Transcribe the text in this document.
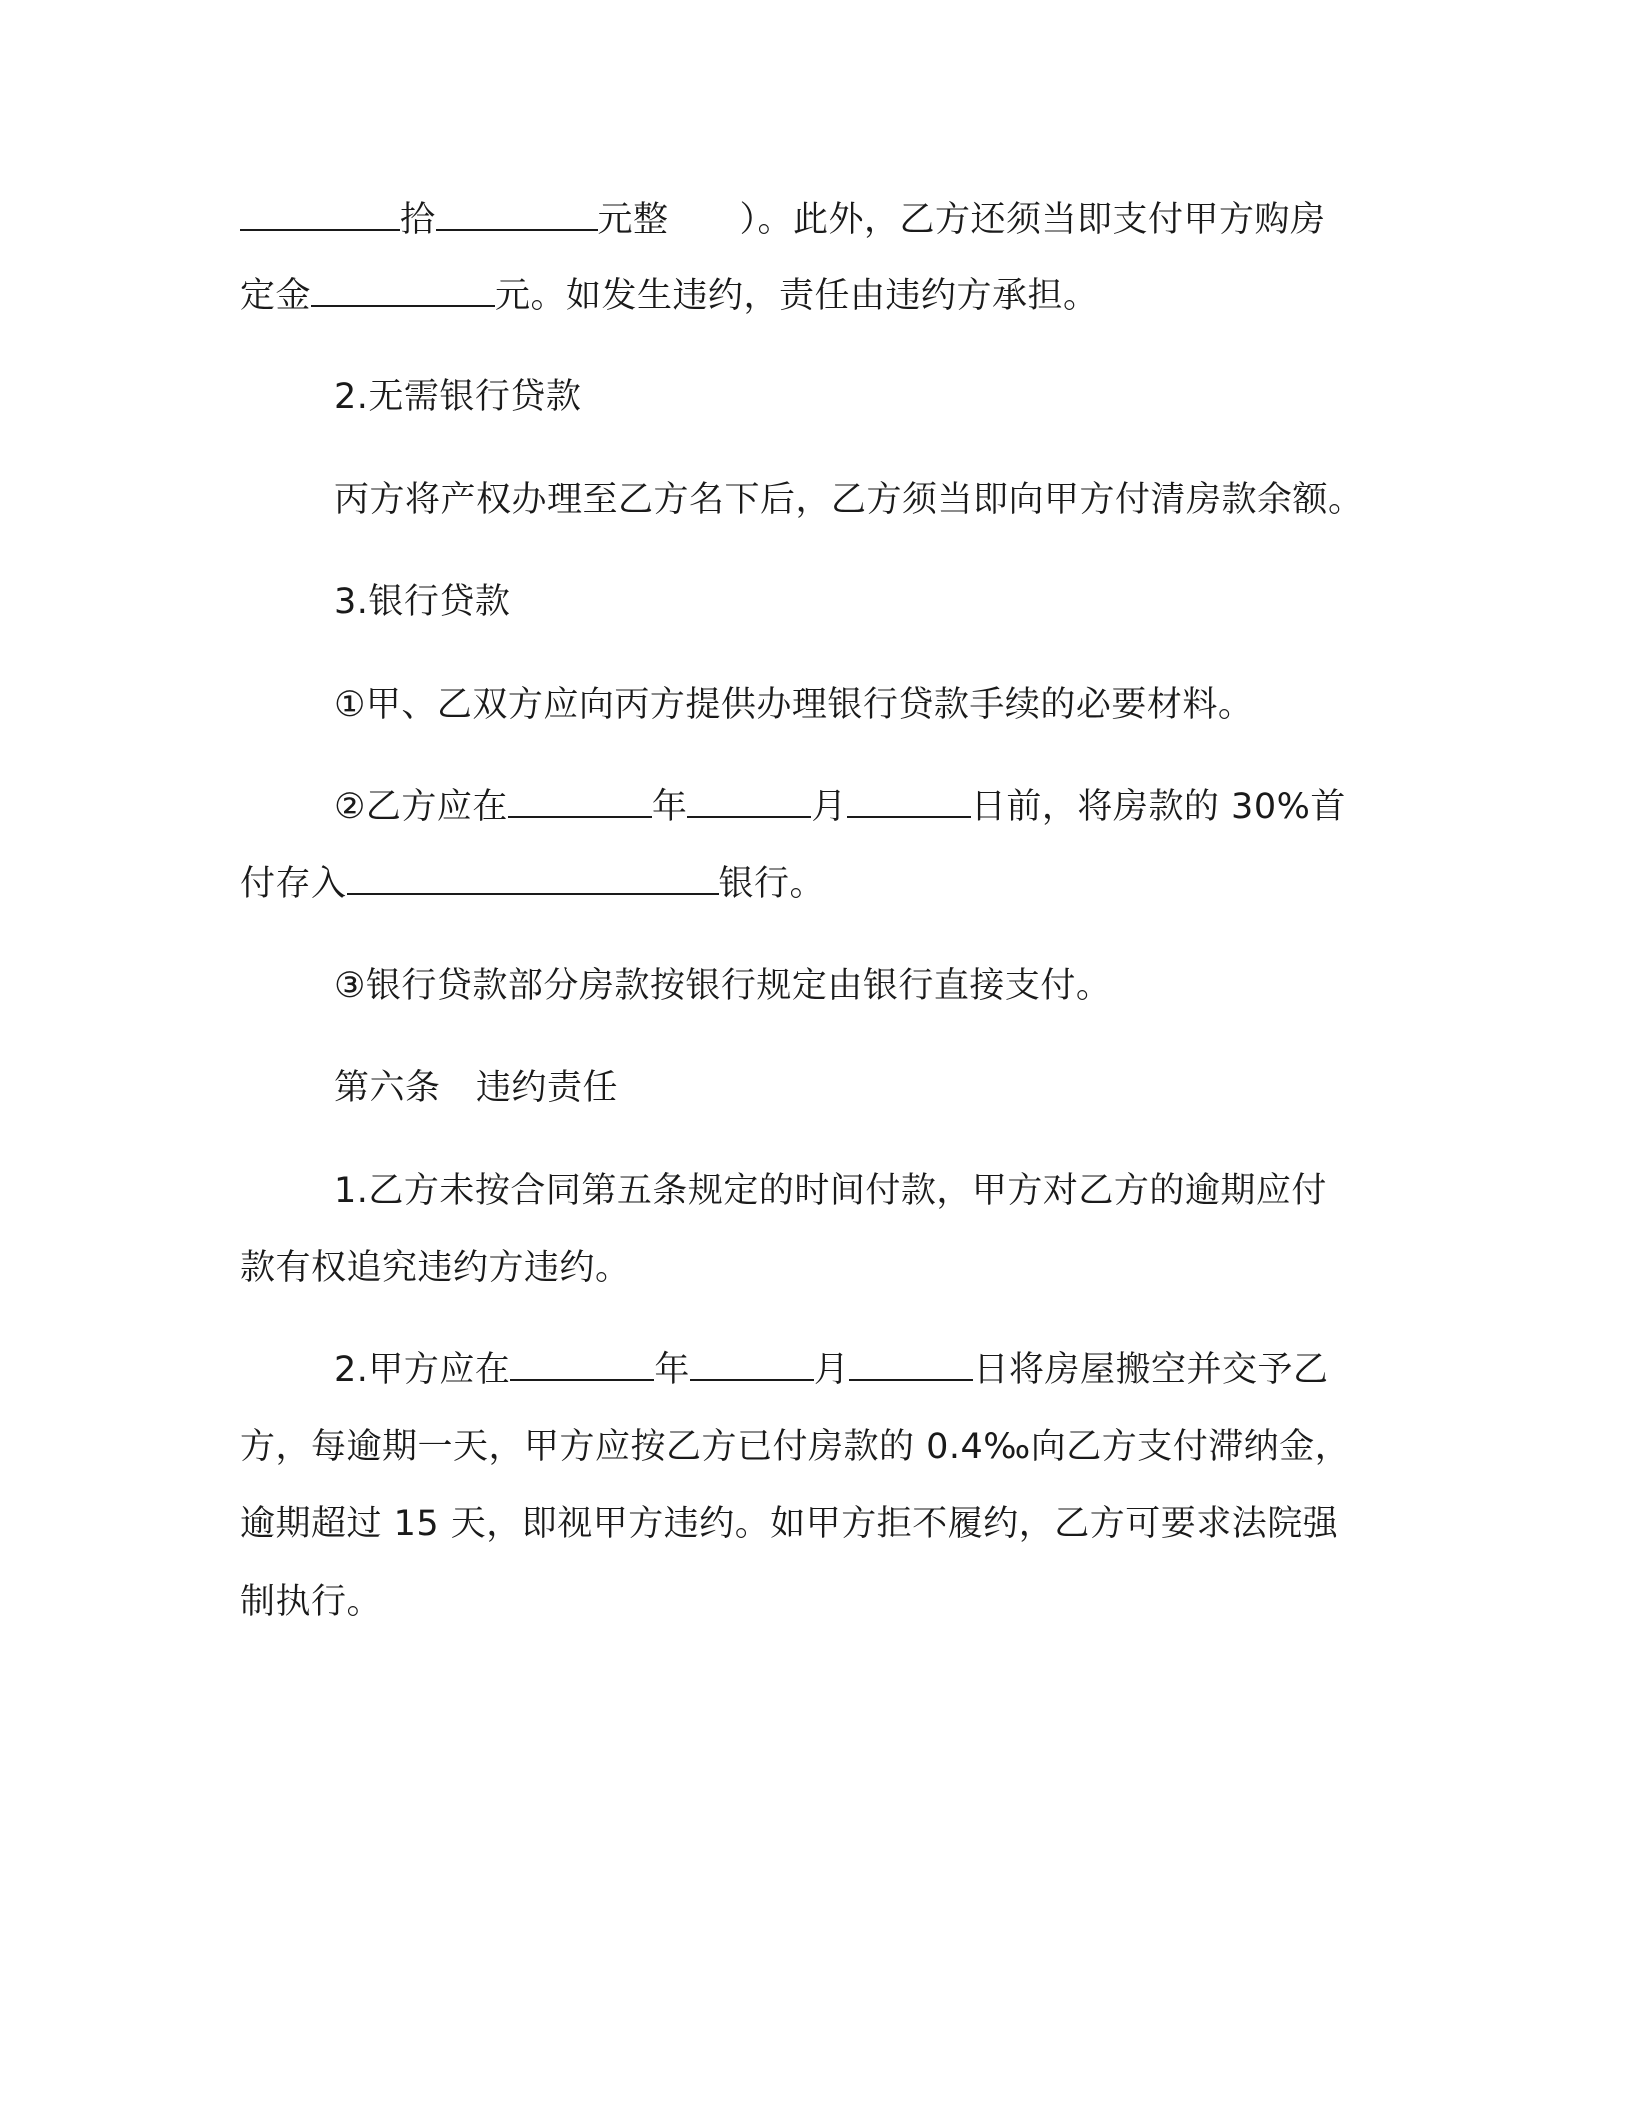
拾	元整　　）。此外，乙方还须当即支付甲方购房
定金	元。如发生违约，责任由违约方承担。
2.无需银行贷款
丙方将产权办理至乙方名下后，乙方须当即向甲方付清房款余额。
3.银行贷款
①甲、乙双方应向丙方提供办理银行贷款手续的必要材料。
②乙方应在	年	月	日前，将房款的 30%首
付存入	银行。
③银行贷款部分房款按银行规定由银行直接支付。
第六条　违约责任
1.乙方未按合同第五条规定的时间付款，甲方对乙方的逾期应付
款有权追究违约方违约。
2.甲方应在	年	月	日将房屋搬空并交予乙
方，每逾期一天，甲方应按乙方已付房款的 0.4‰向乙方支付滞纳金，
逾期超过 15 天，即视甲方违约。如甲方拒不履约，乙方可要求法院强
制执行。
